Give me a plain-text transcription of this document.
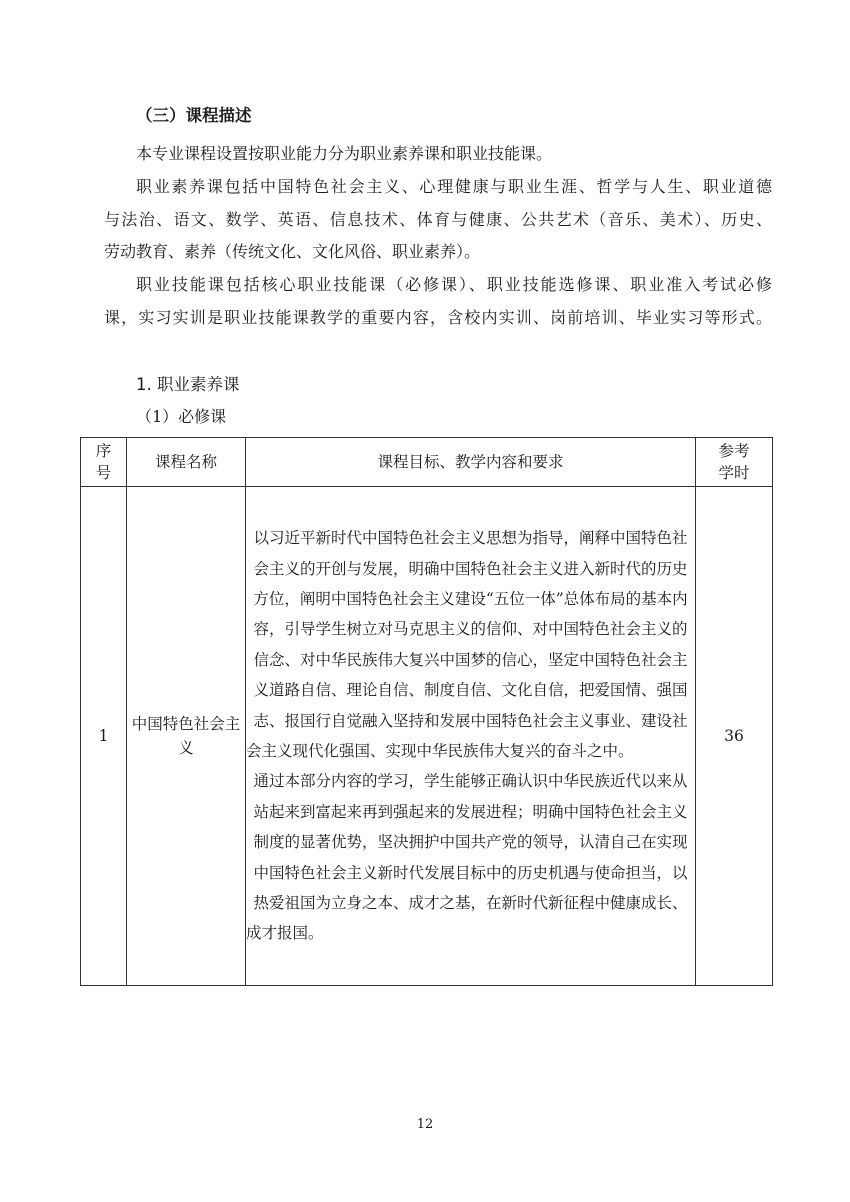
（三）课程描述
本专业课程设置按职业能力分为职业素养课和职业技能课。
职业素养课包括中国特色社会主义、心理健康与职业生涯、哲学与人生、职业道德
与法治、语文、数学、英语、信息技术、体育与健康、公共艺术（音乐、美术）、历史、
劳动教育、素养（传统文化、文化风俗、职业素养）。
职业技能课包括核心职业技能课（必修课）、职业技能选修课、职业准入考试必修
课，实习实训是职业技能课教学的重要内容，含校内实训、岗前培训、毕业实习等形式。
1. 职业素养课
（1）必修课
序号	课程名称	课程目标、教学内容和要求	参考学时
1	中国特色社会主义	以习近平新时代中国特色社会主义思想为指导，阐释中国特色社会主义的开创与发展，明确中国特色社会主义进入新时代的历史方位，阐明中国特色社会主义建设“五位一体”总体布局的基本内容，引导学生树立对马克思主义的信仰、对中国特色社会主义的信念、对中华民族伟大复兴中国梦的信心，坚定中国特色社会主义道路自信、理论自信、制度自信、文化自信，把爱国情、强国志、报国行自觉融入坚持和发展中国特色社会主义事业、建设社会主义现代化强国、实现中华民族伟大复兴的奋斗之中。

通过本部分内容的学习，学生能够正确认识中华民族近代以来从站起来到富起来再到强起来的发展进程；明确中国特色社会主义制度的显著优势，坚决拥护中国共产党的领导，认清自己在实现中国特色社会主义新时代发展目标中的历史机遇与使命担当，以热爱祖国为立身之本、成才之基，在新时代新征程中健康成长、成才报国。	36
12
